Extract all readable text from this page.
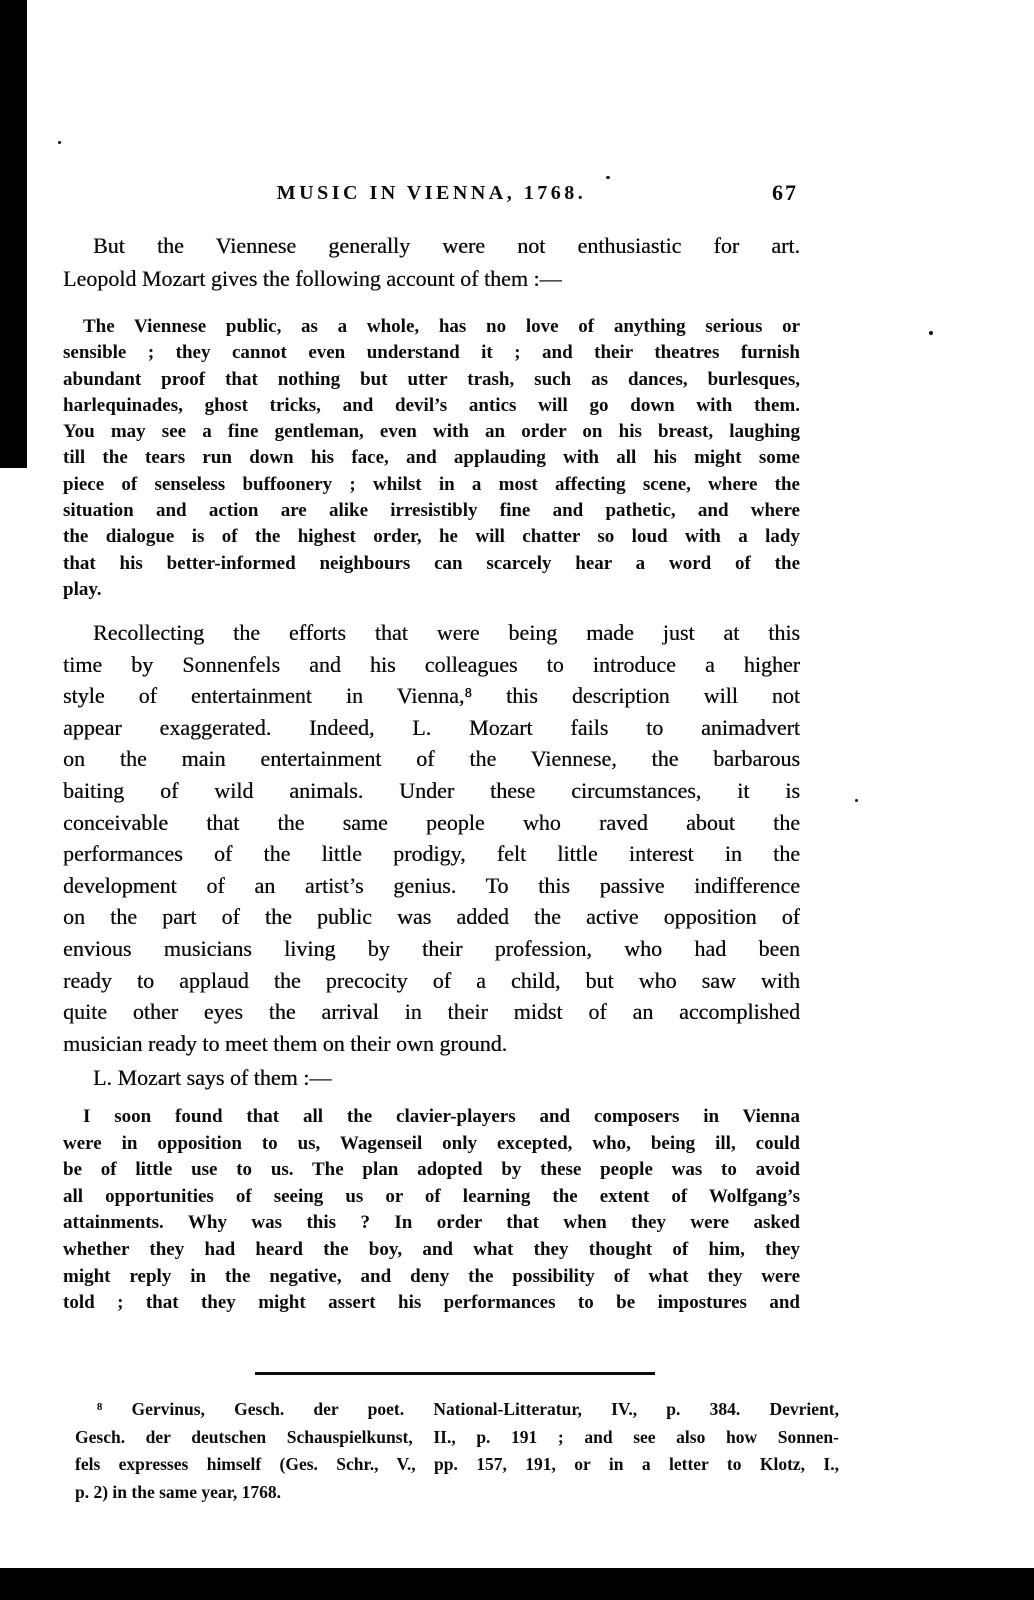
MUSIC IN VIENNA, 1768.	67
But the Viennese generally were not enthusiastic for art.
Leopold Mozart gives the following account of them :—
The Viennese public, as a whole, has no love of anything serious or
sensible ; they cannot even understand it ; and their theatres furnish
abundant proof that nothing but utter trash, such as dances, burlesques,
harlequinades, ghost tricks, and devil’s antics will go down with them.
You may see a fine gentleman, even with an order on his breast, laughing
till the tears run down his face, and applauding with all his might some
piece of senseless buffoonery ; whilst in a most affecting scene, where the
situation and action are alike irresistibly fine and pathetic, and where
the dialogue is of the highest order, he will chatter so loud with a lady
that his better-informed neighbours can scarcely hear a word of the
play.
Recollecting the efforts that were being made just at this
time by Sonnenfels and his colleagues to introduce a higher
style of entertainment in Vienna,⁸ this description will not
appear exaggerated. Indeed, L. Mozart fails to animadvert
on the main entertainment of the Viennese, the barbarous
baiting of wild animals. Under these circumstances, it is
conceivable that the same people who raved about the
performances of the little prodigy, felt little interest in the
development of an artist’s genius. To this passive indifference
on the part of the public was added the active opposition of
envious musicians living by their profession, who had been
ready to applaud the precocity of a child, but who saw with
quite other eyes the arrival in their midst of an accomplished
musician ready to meet them on their own ground.
L. Mozart says of them :—
I soon found that all the clavier-players and composers in Vienna
were in opposition to us, Wagenseil only excepted, who, being ill, could
be of little use to us. The plan adopted by these people was to avoid
all opportunities of seeing us or of learning the extent of Wolfgang’s
attainments. Why was this ? In order that when they were asked
whether they had heard the boy, and what they thought of him, they
might reply in the negative, and deny the possibility of what they were
told ; that they might assert his performances to be impostures and
⁸ Gervinus, Gesch. der poet. National-Litteratur, IV., p. 384. Devrient,
Gesch. der deutschen Schauspielkunst, II., p. 191 ; and see also how Sonnen-
fels expresses himself (Ges. Schr., V., pp. 157, 191, or in a letter to Klotz, I.,
p. 2) in the same year, 1768.
